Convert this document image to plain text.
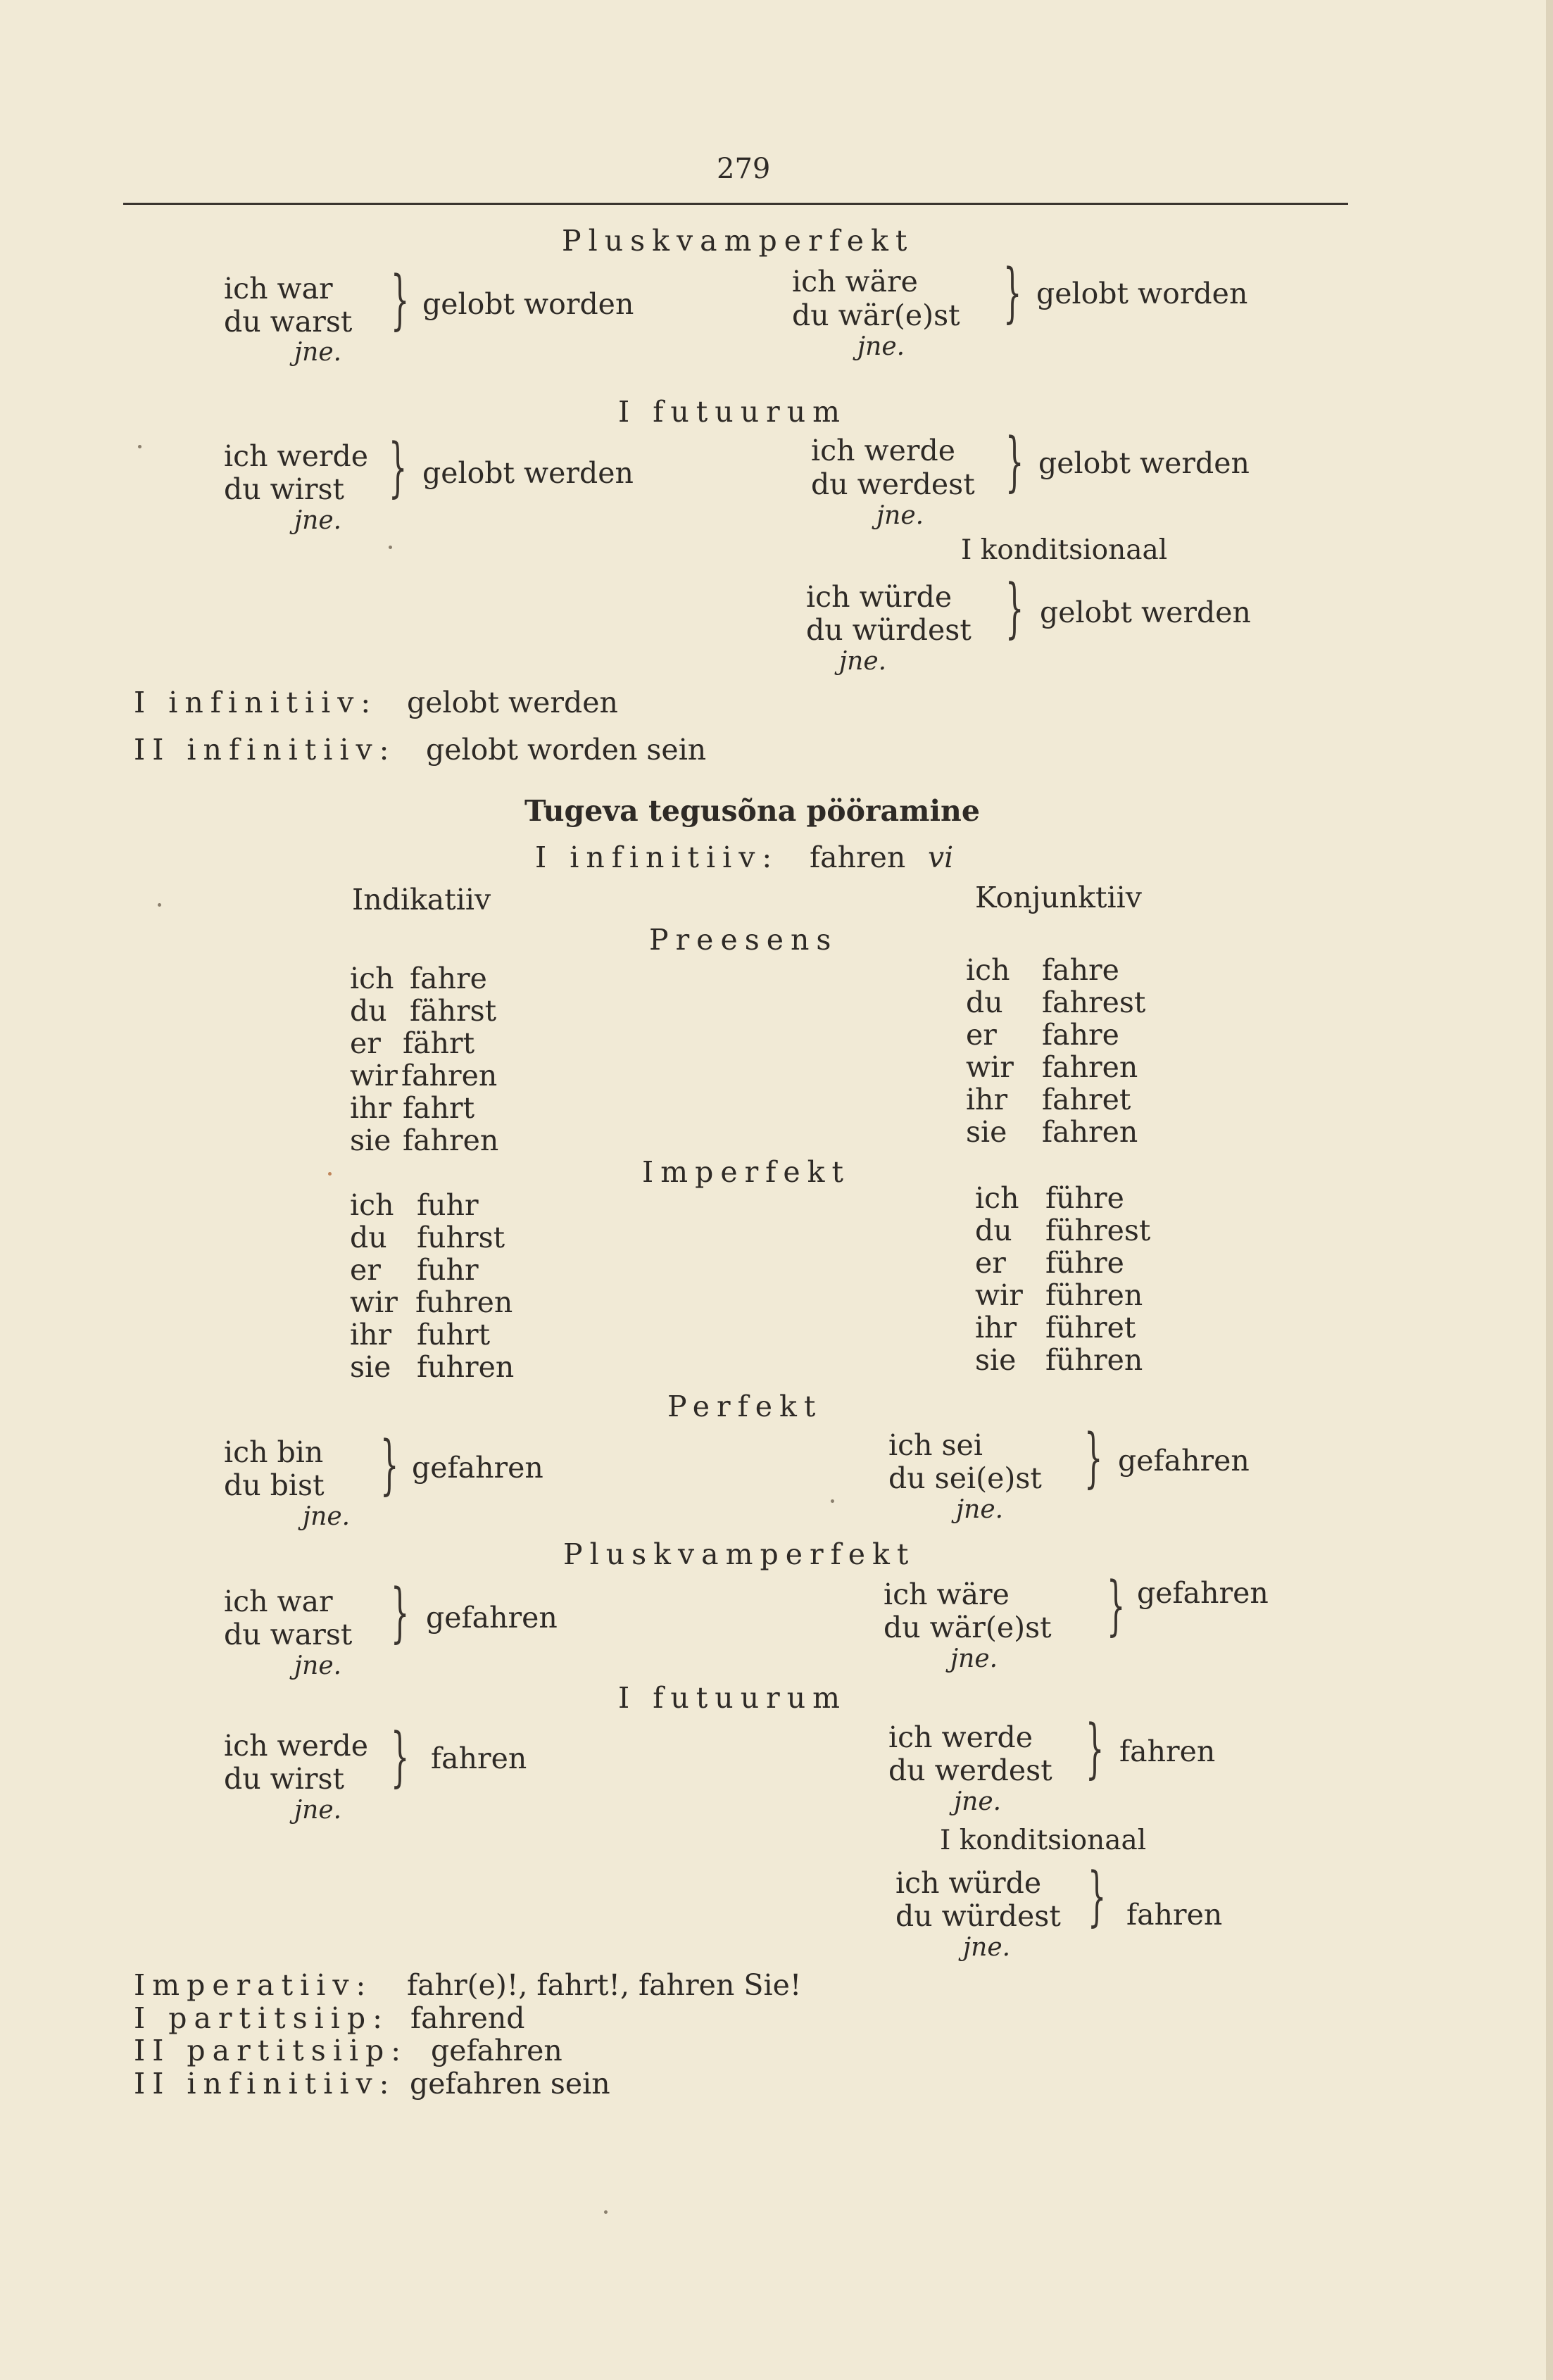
279
Pluskvamperfekt
ich war
du warst
jne.
} gelobt worden
ich wäre
du wär(e)st
jne.
} gelobt worden
I futuurum
ich werde
du wirst
jne.
} gelobt werden
ich werde
du werdest
jne.
} gelobt werden
I konditsionaal
ich würde
du würdest
jne.
} gelobt werden
I infinitiiv: gelobt werden
II infinitiiv: gelobt worden sein
Tugeva tegusõna pööramine
I infinitiiv: fahren vi
Indikatiiv	Konjunktiiv
Preesens
ich fahre
du fährst
er fährt
wir fahren
ihr fahrt
sie fahren
ich fahre
du fahrest
er fahre
wir fahren
ihr fahret
sie fahren
Imperfekt
ich fuhr
du fuhrst
er fuhr
wir fuhren
ihr fuhrt
sie fuhren
ich führe
du führest
er führe
wir führen
ihr führet
sie führen
Perfekt
ich bin
du bist
jne.
} gefahren
ich sei
du sei(e)st
jne.
} gefahren
Pluskvamperfekt
ich war
du warst
jne.
} gefahren
ich wäre
du wär(e)st
jne.
} gefahren
I futuurum
ich werde
du wirst
jne.
} fahren
ich werde
du werdest
jne.
} fahren
I konditsionaal
ich würde
du würdest
jne.
} fahren
Imperatiiv: fahr(e)!, fahrt!, fahren Sie!
I partitsiip: fahrend
II partitsiip: gefahren
II infinitiiv: gefahren sein
